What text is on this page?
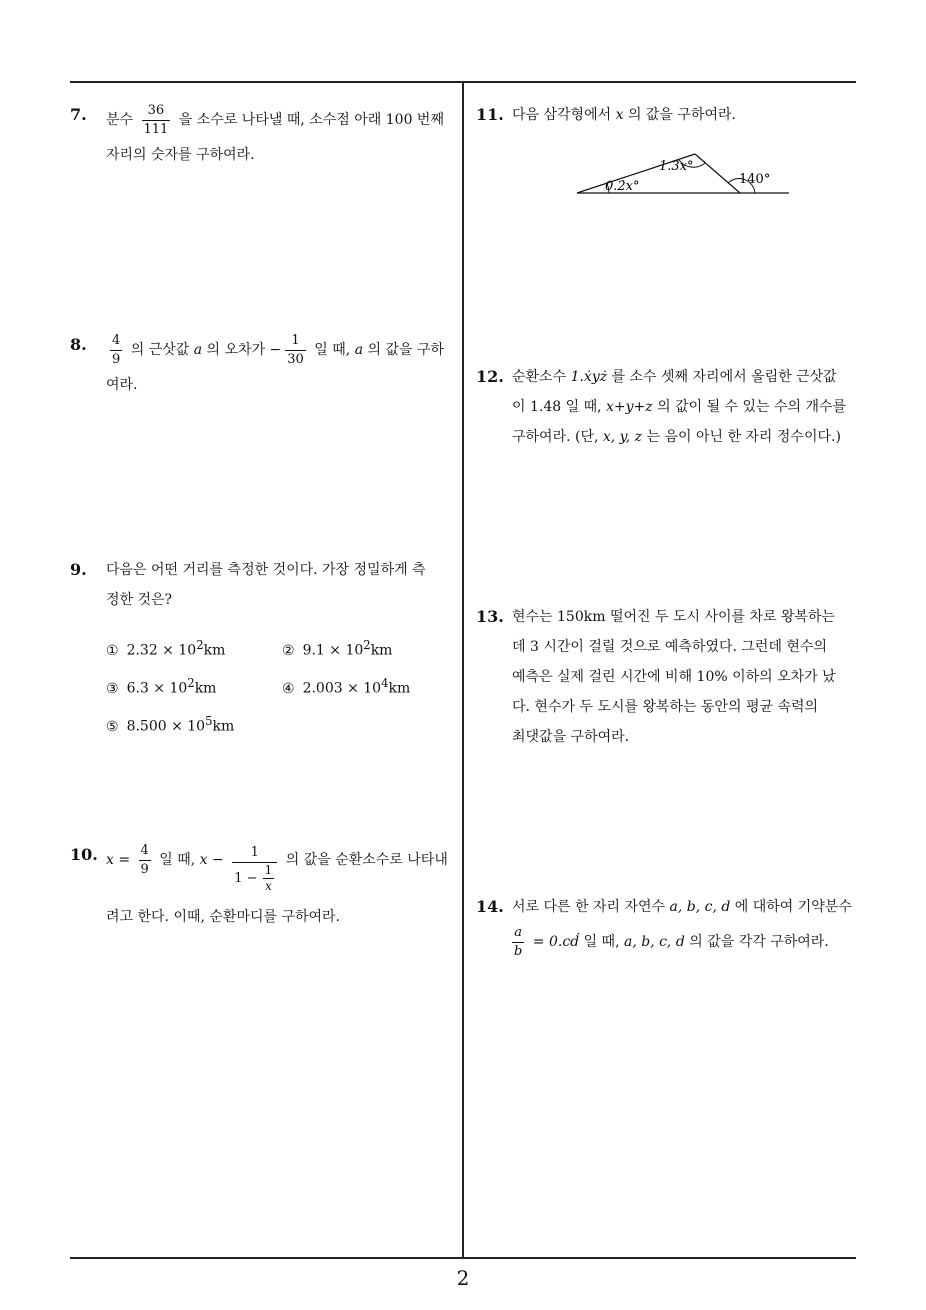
7. 분수 $\frac{36}{111}$ 을 소수로 나타낼 때, 소수점 아래 100 번째
자리의 숫자를 구하여라.
8. $\frac{4}{9}$ 의 근삿값 a 의 오차가 − $\frac{1}{30}$ 일 때, a 의 값을 구하
여라.
9. 다음은 어떤 거리를 측정한 것이다. 가장 정밀하게 측
정한 것은?
① $2.32 \times 10^2km$	② $9.1 \times 10^2km$
③ $6.3 \times 10^2km$	④ $2.003 \times 10^4km$
⑤ $8.500 \times 10^5km$
10. $x = \frac{4}{9}$ 일 때, $x - \frac{1}{1 - \frac{1}{x}}$ 의 값을 순환소수로 나타내
려고 한다. 이때, 순환마디를 구하여라.
11. 다음 삼각형에서 x 의 값을 구하여라.
0.2̇x°
1.3̇x°
140°
12. 순환소수 1.ẋyż 를 소수 셋째 자리에서 올림한 근삿값
이 1.48 일 때, x+y+z 의 값이 될 수 있는 수의 개수를
구하여라. (단, x, y, z 는 음이 아닌 한 자리 정수이다.)
13. 현수는 150km 떨어진 두 도시 사이를 차로 왕복하는
데 3 시간이 걸릴 것으로 예측하였다. 그런데 현수의
예측은 실제 걸린 시간에 비해 10% 이하의 오차가 났
다. 현수가 두 도시를 왕복하는 동안의 평균 속력의
최댓값을 구하여라.
14. 서로 다른 한 자리 자연수 a, b, c, d 에 대하여 기약분수
$\frac{a}{b}$ = 0.cḋ 일 때, a, b, c, d 의 값을 각각 구하여라.
2
